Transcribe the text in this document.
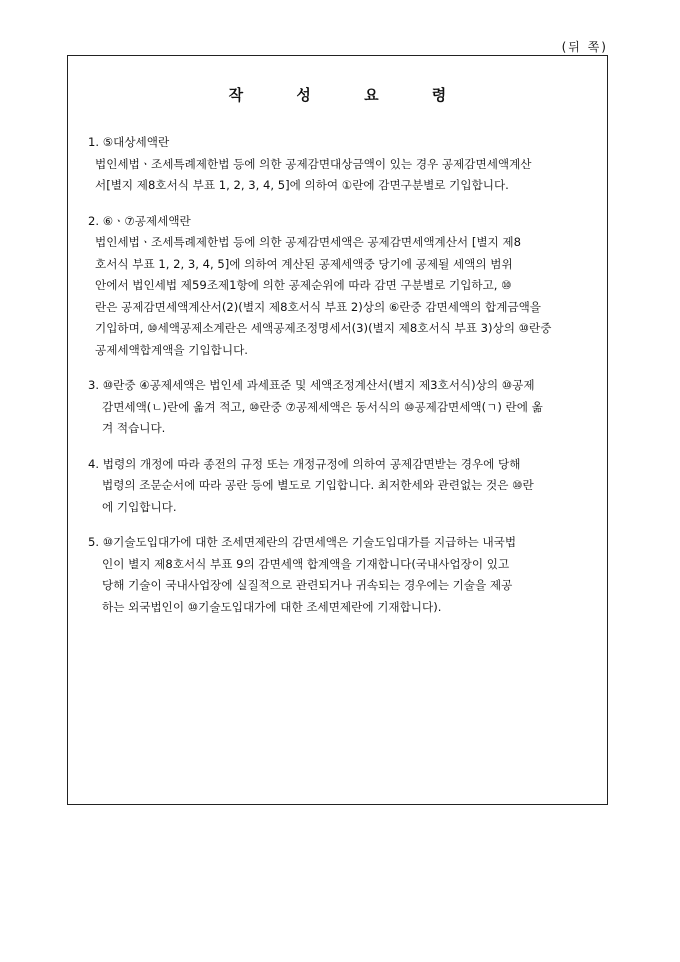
(뒤 쪽)
작 성 요 령

1. ⑤대상세액란

법인세법ㆍ조세특례제한법 등에 의한 공제감면대상금액이 있는 경우 공제감면세액계산

서[별지 제8호서식 부표 1, 2, 3, 4, 5]에 의하여 ①란에 감면구분별로 기입합니다.

2. ⑥ㆍ⑦공제세액란

법인세법ㆍ조세특례제한법 등에 의한 공제감면세액은 공제감면세액계산서 [별지 제8

호서식 부표 1, 2, 3, 4, 5]에 의하여 계산된 공제세액중 당기에 공제될 세액의 범위

안에서 법인세법 제59조제1항에 의한 공제순위에 따라 감면 구분별로 기입하고, ⑩

란은 공제감면세액계산서(2)(별지 제8호서식 부표 2)상의 ⑥란중 감면세액의 합계금액을

기입하며, ⑩세액공제소계란은 세액공제조정명세서(3)(별지 제8호서식 부표 3)상의 ⑩란중

공제세액합계액을 기입합니다.

3. ⑩란중 ④공제세액은 법인세 과세표준 및 세액조정계산서(별지 제3호서식)상의 ⑩공제

감면세액(ㄴ)란에 옮겨 적고, ⑩란중 ⑦공제세액은 동서식의 ⑩공제감면세액(ㄱ) 란에 옮

겨 적습니다.

4. 법령의 개정에 따라 종전의 규정 또는 개정규정에 의하여 공제감면받는 경우에 당해

법령의 조문순서에 따라 공란 등에 별도로 기입합니다. 최저한세와 관련없는 것은 ⑩란

에 기입합니다.

5. ⑩기술도입대가에 대한 조세면제란의 감면세액은 기술도입대가를 지급하는 내국법

인이 별지 제8호서식 부표 9의 감면세액 합계액을 기재합니다(국내사업장이 있고

당해 기술이 국내사업장에 실질적으로 관련되거나 귀속되는 경우에는 기술을 제공

하는 외국법인이 ⑩기술도입대가에 대한 조세면제란에 기재합니다).
